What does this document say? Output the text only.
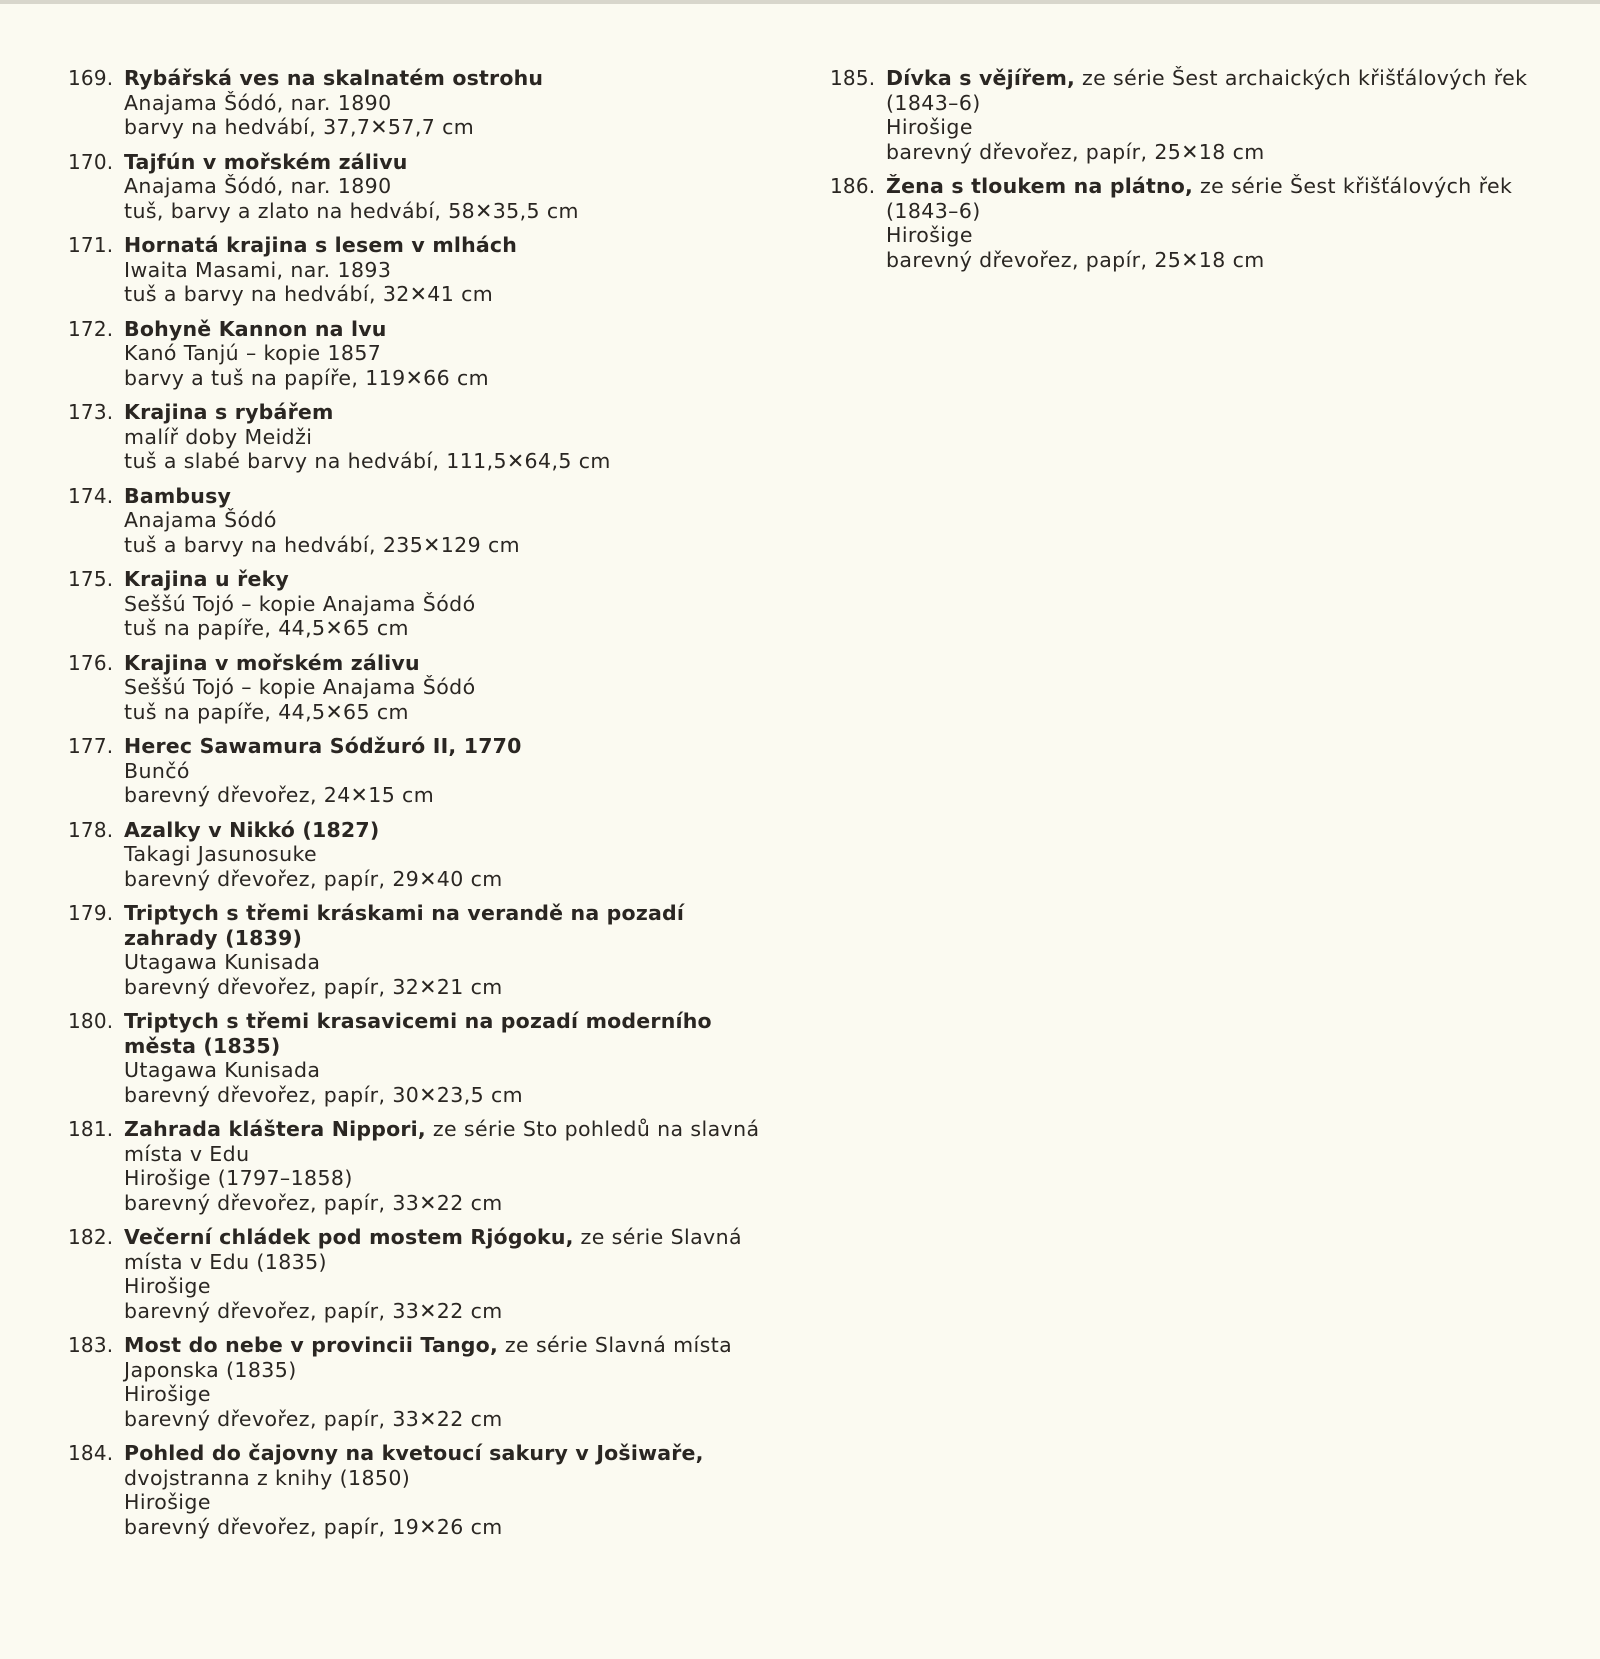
169. Rybářská ves na skalnatém ostrohu
Anajama Šódó, nar. 1890
barvy na hedvábí, 37,7✕57,7 cm
170. Tajfún v mořském zálivu
Anajama Šódó, nar. 1890
tuš, barvy a zlato na hedvábí, 58✕35,5 cm
171. Hornatá krajina s lesem v mlhách
Iwaita Masami, nar. 1893
tuš a barvy na hedvábí, 32✕41 cm
172. Bohyně Kannon na lvu
Kanó Tanjú – kopie 1857
barvy a tuš na papíře, 119✕66 cm
173. Krajina s rybářem
malíř doby Meidži
tuš a slabé barvy na hedvábí, 111,5✕64,5 cm
174. Bambusy
Anajama Šódó
tuš a barvy na hedvábí, 235✕129 cm
175. Krajina u řeky
Seššú Tojó – kopie Anajama Šódó
tuš na papíře, 44,5✕65 cm
176. Krajina v mořském zálivu
Seššú Tojó – kopie Anajama Šódó
tuš na papíře, 44,5✕65 cm
177. Herec Sawamura Sódžuró II, 1770
Bunčó
barevný dřevořez, 24✕15 cm
178. Azalky v Nikkó (1827)
Takagi Jasunosuke
barevný dřevořez, papír, 29✕40 cm
179. Triptych s třemi kráskami na verandě na pozadí zahrady (1839)
Utagawa Kunisada
barevný dřevořez, papír, 32✕21 cm
180. Triptych s třemi krasavicemi na pozadí moderního města (1835)
Utagawa Kunisada
barevný dřevořez, papír, 30✕23,5 cm
181. Zahrada kláštera Nippori, ze série Sto pohledů na slavná místa v Edu
Hirošige (1797–1858)
barevný dřevořez, papír, 33✕22 cm
182. Večerní chládek pod mostem Rjógoku, ze série Slavná místa v Edu (1835)
Hirošige
barevný dřevořez, papír, 33✕22 cm
183. Most do nebe v provincii Tango, ze série Slavná místa Japonska (1835)
Hirošige
barevný dřevořez, papír, 33✕22 cm
184. Pohled do čajovny na kvetoucí sakury v Jošiwaře, dvojstranna z knihy (1850)
Hirošige
barevný dřevořez, papír, 19✕26 cm
185. Dívka s vějířem, ze série Šest archaických křišťálových řek (1843–6)
Hirošige
barevný dřevořez, papír, 25✕18 cm
186. Žena s tloukem na plátno, ze série Šest křišťálových řek (1843–6)
Hirošige
barevný dřevořez, papír, 25✕18 cm
